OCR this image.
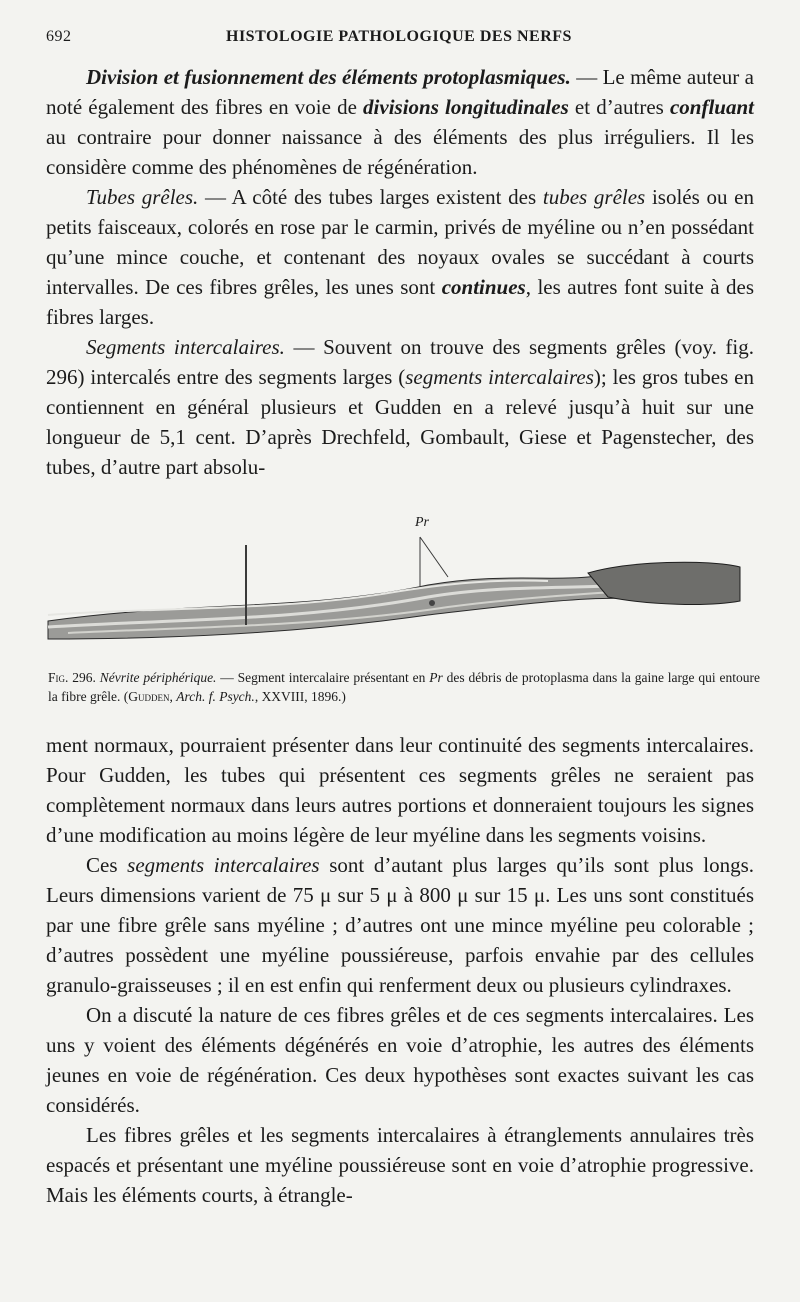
692	HISTOLOGIE PATHOLOGIQUE DES NERFS

Division et fusionnement des éléments protoplasmiques. — Le même auteur a noté également des fibres en voie de divisions longitudinales et d’autres confluant au contraire pour donner naissance à des éléments des plus irréguliers. Il les considère comme des phénomènes de régénération.

Tubes grêles. — A côté des tubes larges existent des tubes grêles isolés ou en petits faisceaux, colorés en rose par le carmin, privés de myéline ou n’en possédant qu’une mince couche, et contenant des noyaux ovales se succédant à courts intervalles. De ces fibres grêles, les unes sont continues, les autres font suite à des fibres larges.

Segments intercalaires. — Souvent on trouve des segments grêles (voy. fig. 296) intercalés entre des segments larges (segments intercalaires); les gros tubes en contiennent en général plusieurs et Gudden en a relevé jusqu’à huit sur une longueur de 5,1 cent. D’après Drechfeld, Gombault, Giese et Pagenstecher, des tubes, d’autre part absolu-

Pr
Fig. 296. Névrite périphérique. — Segment intercalaire présentant en Pr des débris de protoplasma dans la gaine large qui entoure la fibre grêle. (Gudden, Arch. f. Psych., XXVIII, 1896.)

ment normaux, pourraient présenter dans leur continuité des segments intercalaires. Pour Gudden, les tubes qui présentent ces segments grêles ne seraient pas complètement normaux dans leurs autres portions et donneraient toujours les signes d’une modification au moins légère de leur myéline dans les segments voisins.

Ces segments intercalaires sont d’autant plus larges qu’ils sont plus longs. Leurs dimensions varient de 75 μ sur 5 μ à 800 μ sur 15 μ. Les uns sont constitués par une fibre grêle sans myéline ; d’autres ont une mince myéline peu colorable ; d’autres possèdent une myéline poussiéreuse, parfois envahie par des cellules granulo-graisseuses ; il en est enfin qui renferment deux ou plusieurs cylindraxes.

On a discuté la nature de ces fibres grêles et de ces segments intercalaires. Les uns y voient des éléments dégénérés en voie d’atrophie, les autres des éléments jeunes en voie de régénération. Ces deux hypothèses sont exactes suivant les cas considérés.

Les fibres grêles et les segments intercalaires à étranglements annulaires très espacés et présentant une myéline poussiéreuse sont en voie d’atrophie progressive. Mais les éléments courts, à étrangle-
